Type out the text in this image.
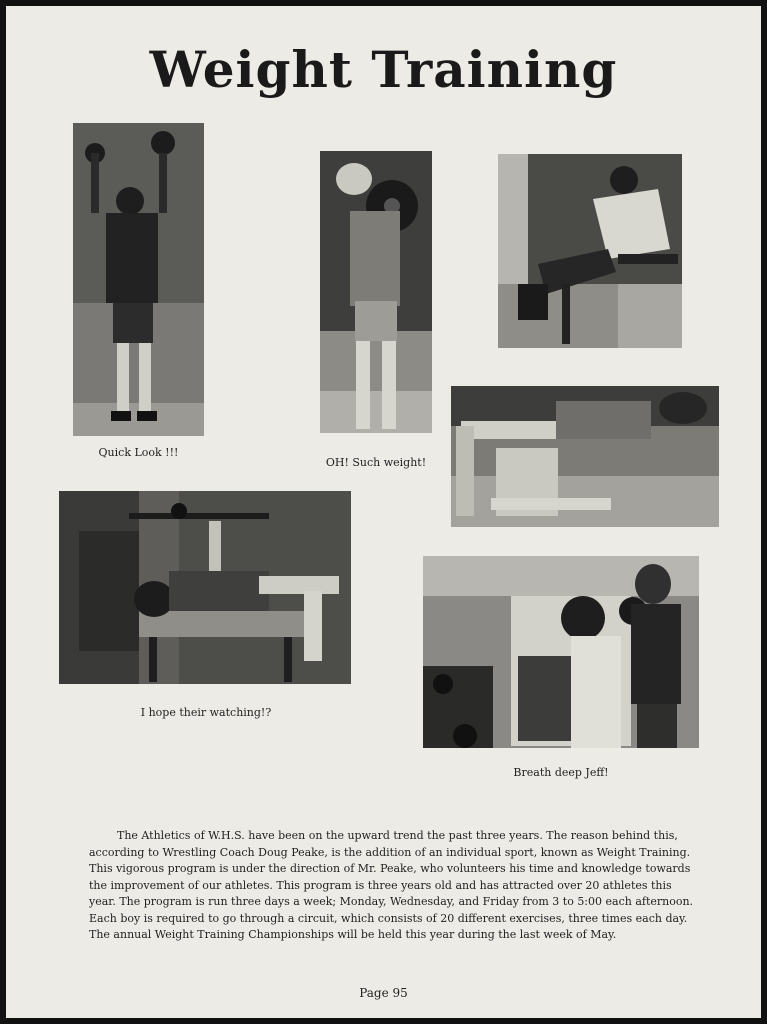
Weight Training
Quick Look !!!
OH! Such weight!
I hope their watching!?
Breath deep Jeff!

The Athletics of W.H.S. have been on the upward trend the past three years. The reason behind this, according to Wrestling Coach Doug Peake, is the addition of an individual sport, known as Weight Training. This vigorous program is under the direction of Mr. Peake, who volunteers his time and knowledge towards the improvement of our athletes. This program is three years old and has attracted over 20 athletes this year. The program is run three days a week; Monday, Wednesday, and Friday from 3 to 5:00 each afternoon. Each boy is required to go through a circuit, which consists of 20 different exercises, three times each day. The annual Weight Training Championships will be held this year during the last week of May.

Page 95
